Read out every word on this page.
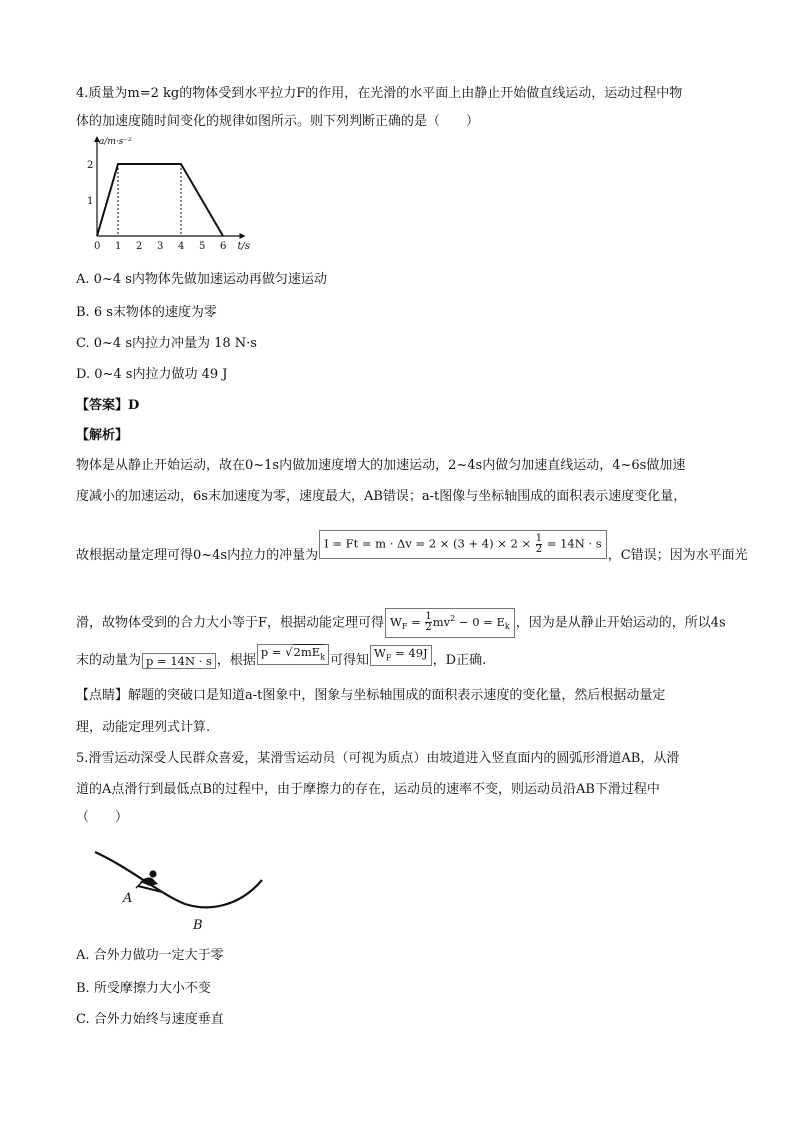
4.质量为m=2 kg的物体受到水平拉力F的作用，在光滑的水平面上由静止开始做直线运动，运动过程中物
体的加速度随时间变化的规律如图所示。则下列判断正确的是（　　）
t/s
a/m·s⁻²
0 1 2 3 4 5 6
1
2
A. 0~4 s内物体先做加速运动再做匀速运动
B. 6 s末物体的速度为零
C. 0~4 s内拉力冲量为 18 N·s
D. 0~4 s内拉力做功 49 J
【答案】D
【解析】
物体是从静止开始运动，故在0~1s内做加速度增大的加速运动，2~4s内做匀加速直线运动，4~6s做加速
度减小的加速运动，6s末加速度为零，速度最大，AB错误；a-t图像与坐标轴围成的面积表示速度变化量，
故根据动量定理可得0~4s内拉力的冲量为$I = Ft = m \cdot \Delta v = 2 \times (3 + 4) \times 2 \times \frac{1}{2} = 14N \cdot s$，C错误；因为水平面光
滑，故物体受到的合力大小等于F，根据动能定理可得 $W_F = \frac{1}{2} mv^2 - 0 = E_k$ ，因为是从静止开始运动的，所以4s
末的动量为 p = 14N · s ，根据$p = √2mE_k$ 可得知$W_F = 49J$，D正确.
【点睛】解题的突破口是知道a-t图象中，图象与坐标轴围成的面积表示速度的变化量，然后根据动量定
理，动能定理列式计算.
5.滑雪运动深受人民群众喜爱，某滑雪运动员（可视为质点）由坡道进入竖直面内的圆弧形滑道AB，从滑
道的A点滑行到最低点B的过程中，由于摩擦力的存在，运动员的速率不变，则运动员沿AB下滑过程中
（　　）
A
B
A. 合外力做功一定大于零
B. 所受摩擦力大小不变
C. 合外力始终与速度垂直
